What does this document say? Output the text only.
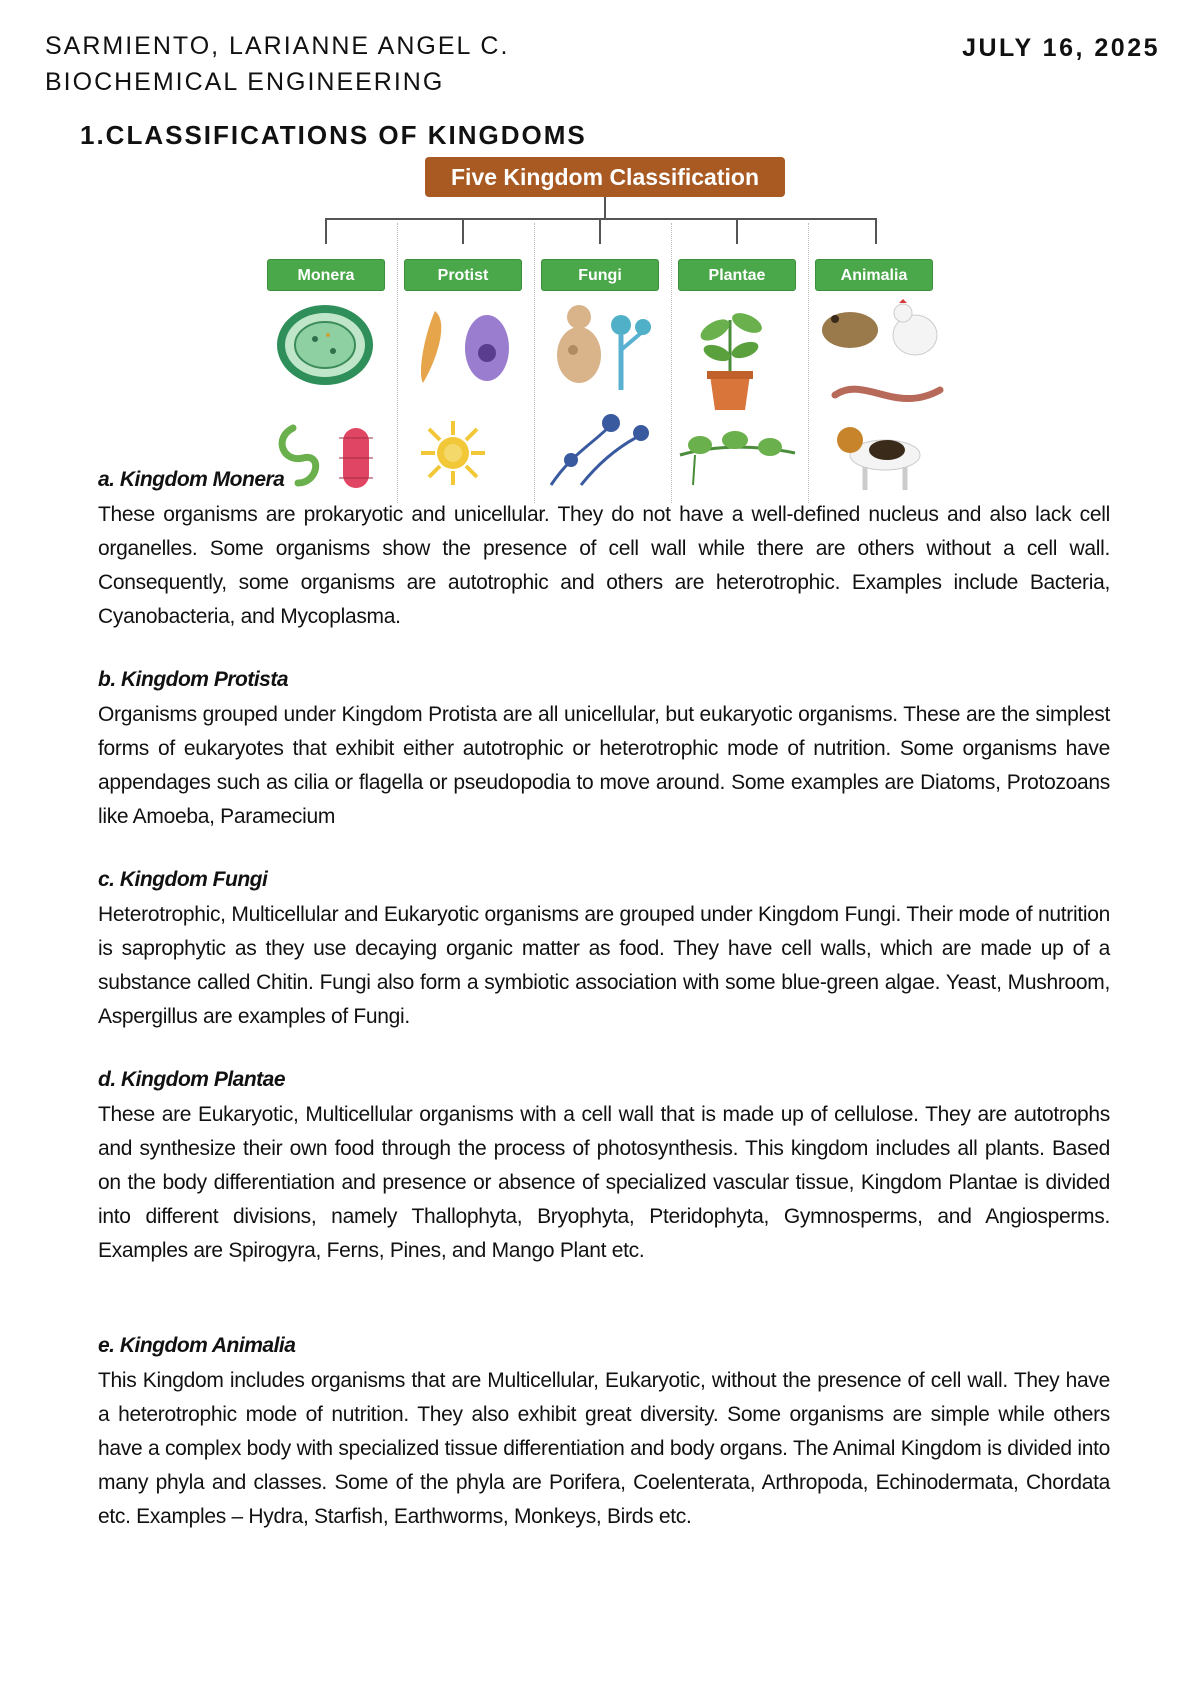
SARMIENTO, LARIANNE ANGEL C.
BIOCHEMICAL ENGINEERING
JULY 16, 2025
1.CLASSIFICATIONS OF KINGDOMS
Five Kingdom Classification
Monera	Protist	Fungi	Plantae	Animalia

a. Kingdom Monera

These organisms are prokaryotic and unicellular. They do not have a well-defined nucleus and also lack cell organelles. Some organisms show the presence of cell wall while there are others without a cell wall. Consequently, some organisms are autotrophic and others are heterotrophic. Examples include Bacteria, Cyanobacteria, and Mycoplasma.

b. Kingdom Protista

Organisms grouped under Kingdom Protista are all unicellular, but eukaryotic organisms. These are the simplest forms of eukaryotes that exhibit either autotrophic or heterotrophic mode of nutrition. Some organisms have appendages such as cilia or flagella or pseudopodia to move around. Some examples are Diatoms, Protozoans like Amoeba, Paramecium

c. Kingdom Fungi

Heterotrophic, Multicellular and Eukaryotic organisms are grouped under Kingdom Fungi. Their mode of nutrition is saprophytic as they use decaying organic matter as food. They have cell walls, which are made up of a substance called Chitin. Fungi also form a symbiotic association with some blue-green algae. Yeast, Mushroom, Aspergillus are examples of Fungi.

d. Kingdom Plantae

These are Eukaryotic, Multicellular organisms with a cell wall that is made up of cellulose. They are autotrophs and synthesize their own food through the process of photosynthesis. This kingdom includes all plants. Based on the body differentiation and presence or absence of specialized vascular tissue, Kingdom Plantae is divided into different divisions, namely Thallophyta, Bryophyta, Pteridophyta, Gymnosperms, and Angiosperms. Examples are Spirogyra, Ferns, Pines, and Mango Plant etc.

e. Kingdom Animalia

This Kingdom includes organisms that are Multicellular, Eukaryotic, without the presence of cell wall. They have a heterotrophic mode of nutrition. They also exhibit great diversity. Some organisms are simple while others have a complex body with specialized tissue differentiation and body organs. The Animal Kingdom is divided into many phyla and classes. Some of the phyla are Porifera, Coelenterata, Arthropoda, Echinodermata, Chordata etc. Examples – Hydra, Starfish, Earthworms, Monkeys, Birds etc.
